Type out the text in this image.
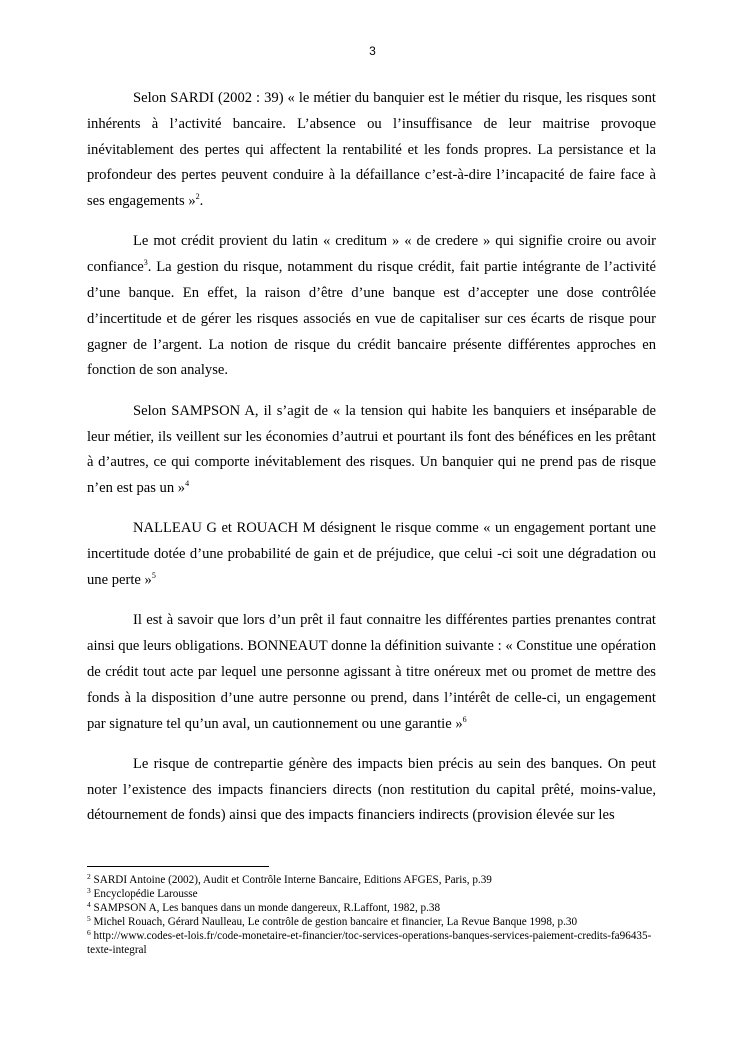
3

Selon SARDI (2002 : 39) « le métier du banquier est le métier du risque, les risques sont inhérents à l’activité bancaire. L’absence ou l’insuffisance de leur maitrise provoque inévitablement des pertes qui affectent la rentabilité et les fonds propres. La persistance et la profondeur des pertes peuvent conduire à la défaillance c’est-à-dire l’incapacité de faire face à ses engagements »$^2$.

Le mot crédit provient du latin « creditum » « de credere » qui signifie croire ou avoir confiance$^3$. La gestion du risque, notamment du risque crédit, fait partie intégrante de l’activité d’une banque. En effet, la raison d’être d’une banque est d’accepter une dose contrôlée d’incertitude et de gérer les risques associés en vue de capitaliser sur ces écarts de risque pour gagner de l’argent. La notion de risque du crédit bancaire présente différentes approches en fonction de son analyse.

Selon SAMPSON A, il s’agit de « la tension qui habite les banquiers et inséparable de leur métier, ils veillent sur les économies d’autrui et pourtant ils font des bénéfices en les prêtant à d’autres, ce qui comporte inévitablement des risques. Un banquier qui ne prend pas de risque n’en est pas un »$^4$

NALLEAU G et ROUACH M désignent le risque comme « un engagement portant une incertitude dotée d’une probabilité de gain et de préjudice, que celui -ci soit une dégradation ou une perte »$^5$

Il est à savoir que lors d’un prêt il faut connaitre les différentes parties prenantes contrat ainsi que leurs obligations. BONNEAUT donne la définition suivante : « Constitue une opération de crédit tout acte par lequel une personne agissant à titre onéreux met ou promet de mettre des fonds à la disposition d’une autre personne ou prend, dans l’intérêt de celle-ci, un engagement par signature tel qu’un aval, un cautionnement ou une garantie »$^6$

Le risque de contrepartie génère des impacts bien précis au sein des banques. On peut noter l’existence des impacts financiers directs (non restitution du capital prêté, moins-value, détournement de fonds) ainsi que des impacts financiers indirects (provision élevée sur les

$^2$ SARDI Antoine (2002), Audit et Contrôle Interne Bancaire, Editions AFGES, Paris, p.39

$^3$ Encyclopédie Larousse

$^4$ SAMPSON A, Les banques dans un monde dangereux, R.Laffont, 1982, p.38

$^5$ Michel Rouach, Gérard Naulleau, Le contrôle de gestion bancaire et financier, La Revue Banque 1998, p.30

$^6$ http://www.codes-et-lois.fr/code-monetaire-et-financier/toc-services-operations-banques-services-paiement-credits-fa96435-texte-integral
